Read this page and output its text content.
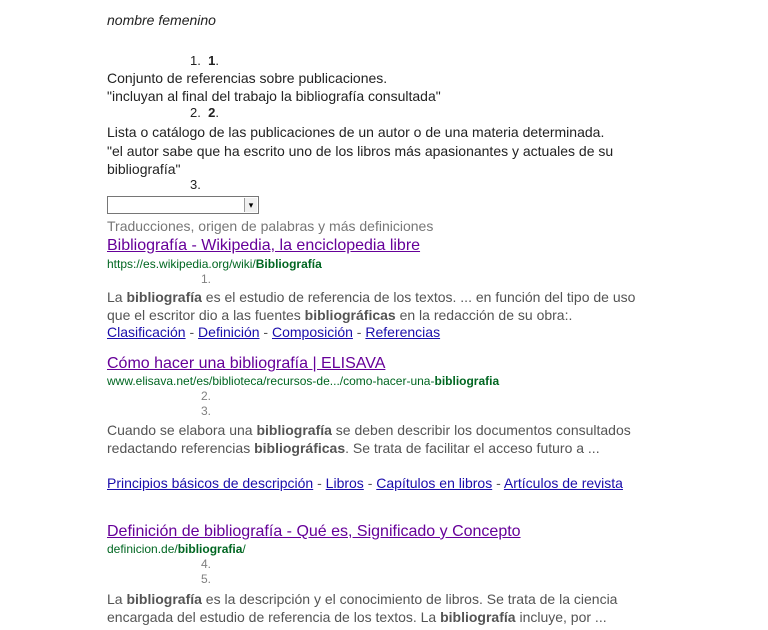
nombre femenino
1. 1.
Conjunto de referencias sobre publicaciones.
"incluyan al final del trabajo la bibliografía consultada"
2. 2.
Lista o catálogo de las publicaciones de un autor o de una materia determinada.
"el autor sabe que ha escrito uno de los libros más apasionantes y actuales de su bibliografía"
3.
▾
Traducciones, origen de palabras y más definiciones
Bibliografía - Wikipedia, la enciclopedia libre
https://es.wikipedia.org/wiki/Bibliografía
1.
La bibliografía es el estudio de referencia de los textos. ... en función del tipo de uso que el escritor dio a las fuentes bibliográficas en la redacción de su obra:.
Clasificación - Definición - Composición - Referencias
Cómo hacer una bibliografía | ELISAVA
www.elisava.net/es/biblioteca/recursos-de.../como-hacer-una-bibliografia
2.
3.
Cuando se elabora una bibliografía se deben describir los documentos consultados redactando referencias bibliográficas. Se trata de facilitar el acceso futuro a ...
Principios básicos de descripción - Libros - Capítulos en libros - Artículos de revista
Definición de bibliografía - Qué es, Significado y Concepto
definicion.de/bibliografia/
4.
5.
La bibliografía es la descripción y el conocimiento de libros. Se trata de la ciencia encargada del estudio de referencia de los textos. La bibliografía incluye, por ...
